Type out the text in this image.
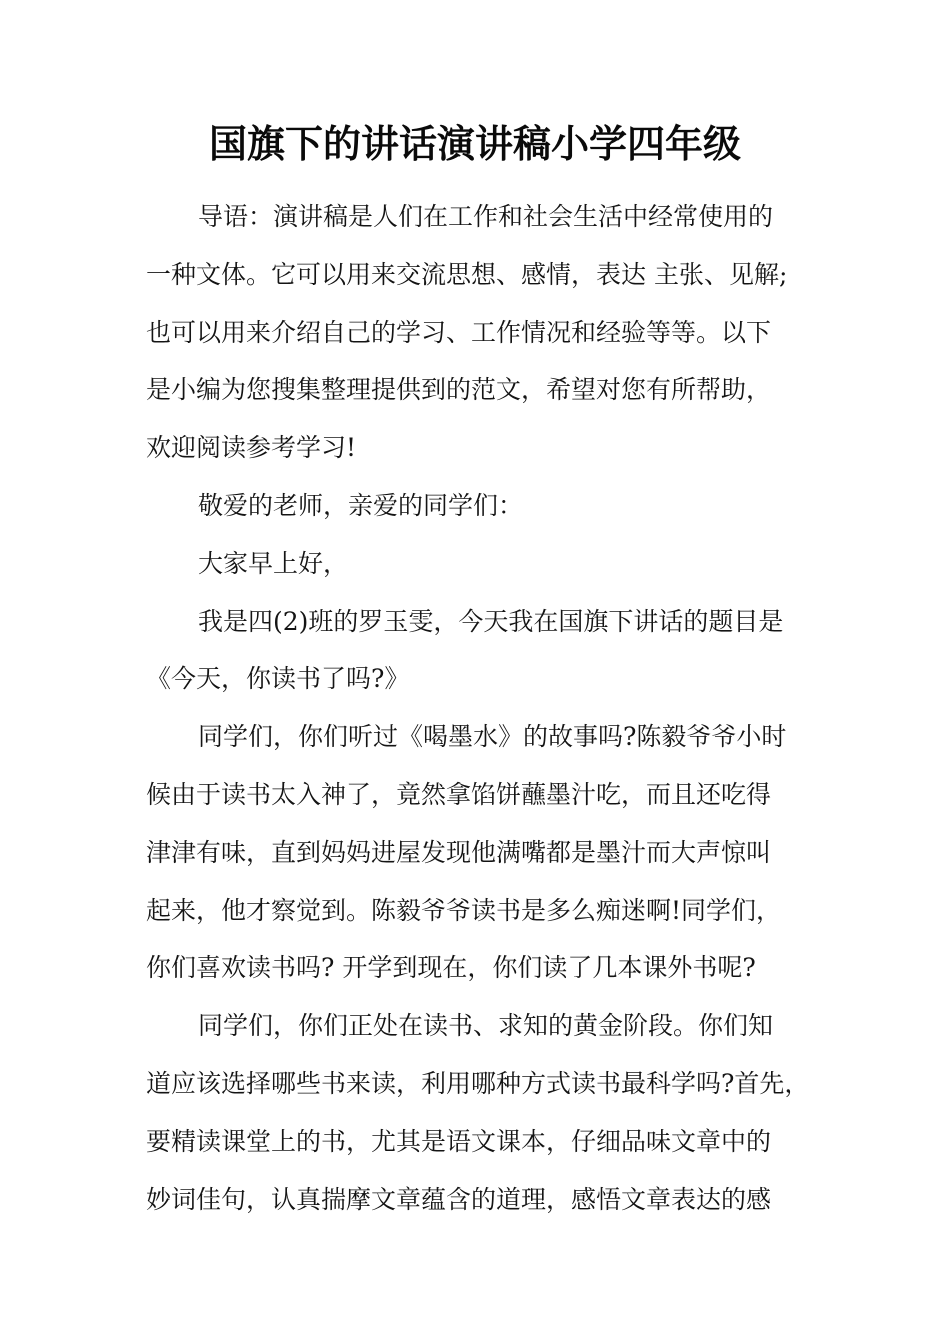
国旗下的讲话演讲稿小学四年级
导语：演讲稿是人们在工作和社会生活中经常使用的
一种文体。它可以用来交流思想、感情，表达 主张、见解;
也可以用来介绍自己的学习、工作情况和经验等等。以下
是小编为您搜集整理提供到的范文，希望对您有所帮助，
欢迎阅读参考学习!
敬爱的老师，亲爱的同学们：
大家早上好，
我是四(2)班的罗玉雯，今天我在国旗下讲话的题目是
《今天，你读书了吗?》
同学们，你们听过《喝墨水》的故事吗?陈毅爷爷小时
候由于读书太入神了，竟然拿馅饼蘸墨汁吃，而且还吃得
津津有味，直到妈妈进屋发现他满嘴都是墨汁而大声惊叫
起来，他才察觉到。陈毅爷爷读书是多么痴迷啊!同学们，
你们喜欢读书吗? 开学到现在，你们读了几本课外书呢?
同学们，你们正处在读书、求知的黄金阶段。你们知
道应该选择哪些书来读，利用哪种方式读书最科学吗?首先，
要精读课堂上的书，尤其是语文课本，仔细品味文章中的
妙词佳句，认真揣摩文章蕴含的道理，感悟文章表达的感
